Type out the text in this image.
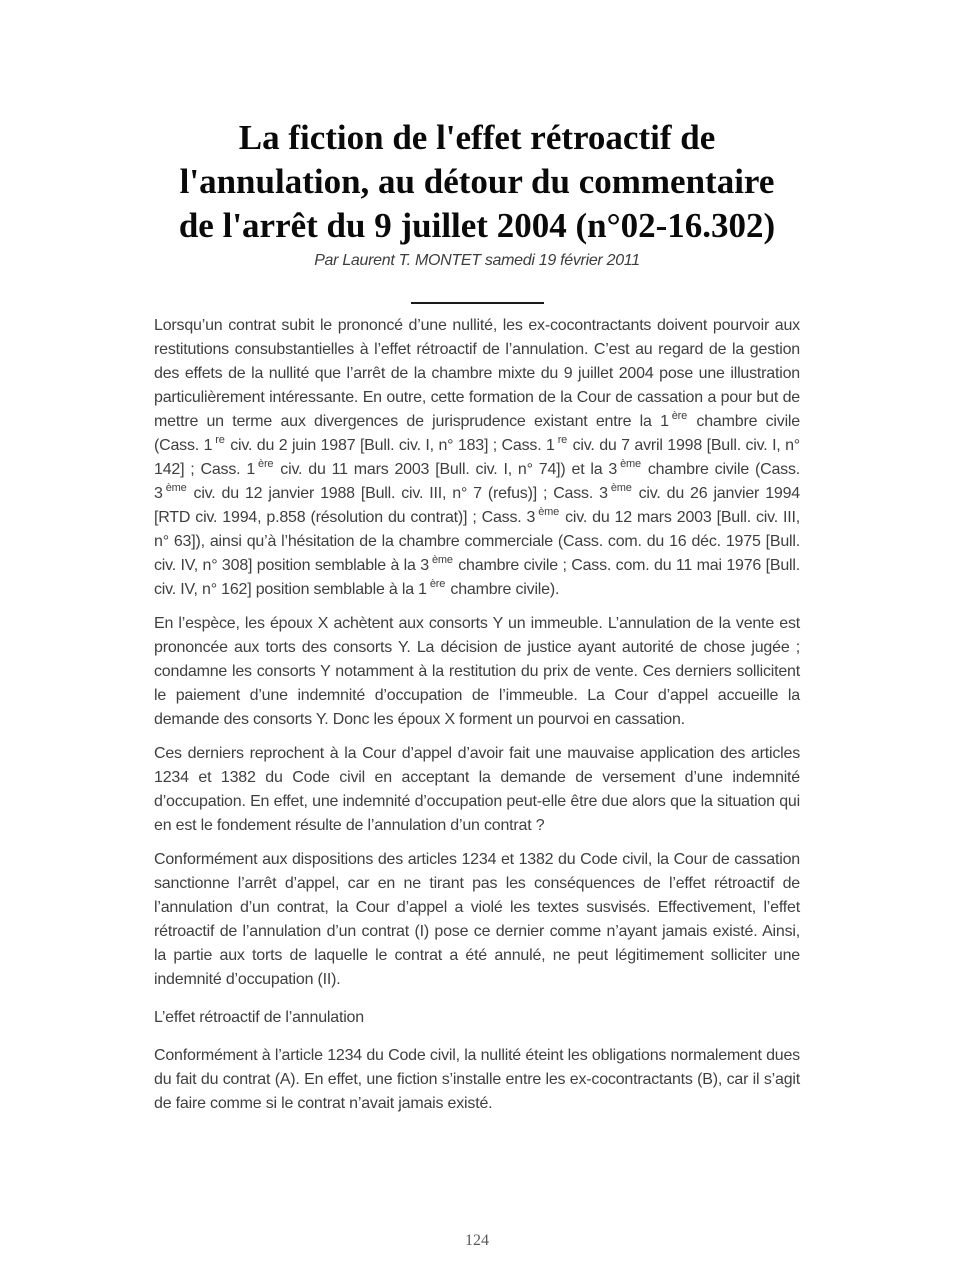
La fiction de l'effet rétroactif de
l'annulation, au détour du commentaire
de l'arrêt du 9 juillet 2004 (n°02-16.302)
Par Laurent T. MONTET samedi 19 février 2011

Lorsqu’un contrat subit le prononcé d’une nullité, les ex-cocontractants doivent pourvoir aux restitutions consubstantielles à l’effet rétroactif de l’annulation. C’est au regard de la gestion des effets de la nullité que l’arrêt de la chambre mixte du 9 juillet 2004 pose une illustration particulièrement intéressante. En outre, cette formation de la Cour de cassation a pour but de mettre un terme aux divergences de jurisprudence existant entre la 1 $^{ère}$ chambre civile (Cass. 1 $^{re}$ civ. du 2 juin 1987 [Bull. civ. I, n° 183] ; Cass. 1 $^{re}$ civ. du 7 avril 1998 [Bull. civ. I, n° 142] ; Cass. 1 $^{ère}$ civ. du 11 mars 2003 [Bull. civ. I, n° 74]) et la 3 $^{ème}$ chambre civile (Cass. 3 $^{ème}$ civ. du 12 janvier 1988 [Bull. civ. III, n° 7 (refus)] ; Cass. 3 $^{ème}$ civ. du 26 janvier 1994 [RTD civ. 1994, p.858 (résolution du contrat)] ; Cass. 3 $^{ème}$ civ. du 12 mars 2003 [Bull. civ. III, n° 63]), ainsi qu’à l’hésitation de la chambre commerciale (Cass. com. du 16 déc. 1975 [Bull. civ. IV, n° 308] position semblable à la 3 $^{ème}$ chambre civile ; Cass. com. du 11 mai 1976 [Bull. civ. IV, n° 162] position semblable à la 1 $^{ère}$ chambre civile).

En l’espèce, les époux X achètent aux consorts Y un immeuble. L’annulation de la vente est prononcée aux torts des consorts Y. La décision de justice ayant autorité de chose jugée ; condamne les consorts Y notamment à la restitution du prix de vente. Ces derniers sollicitent le paiement d’une indemnité d’occupation de l’immeuble. La Cour d’appel accueille la demande des consorts Y. Donc les époux X forment un pourvoi en cassation.

Ces derniers reprochent à la Cour d’appel d’avoir fait une mauvaise application des articles 1234 et 1382 du Code civil en acceptant la demande de versement d’une indemnité d’occupation. En effet, une indemnité d’occupation peut-elle être due alors que la situation qui en est le fondement résulte de l’annulation d’un contrat ?

Conformément aux dispositions des articles 1234 et 1382 du Code civil, la Cour de cassation sanctionne l’arrêt d’appel, car en ne tirant pas les conséquences de l’effet rétroactif de l’annulation d’un contrat, la Cour d’appel a violé les textes susvisés. Effectivement, l’effet rétroactif de l’annulation d’un contrat (I) pose ce dernier comme n’ayant jamais existé. Ainsi, la partie aux torts de laquelle le contrat a été annulé, ne peut légitimement solliciter une indemnité d’occupation (II).

L’effet rétroactif de l’annulation

Conformément à l’article 1234 du Code civil, la nullité éteint les obligations normalement dues du fait du contrat (A). En effet, une fiction s’installe entre les ex-cocontractants (B), car il s’agit de faire comme si le contrat n’avait jamais existé.

124
